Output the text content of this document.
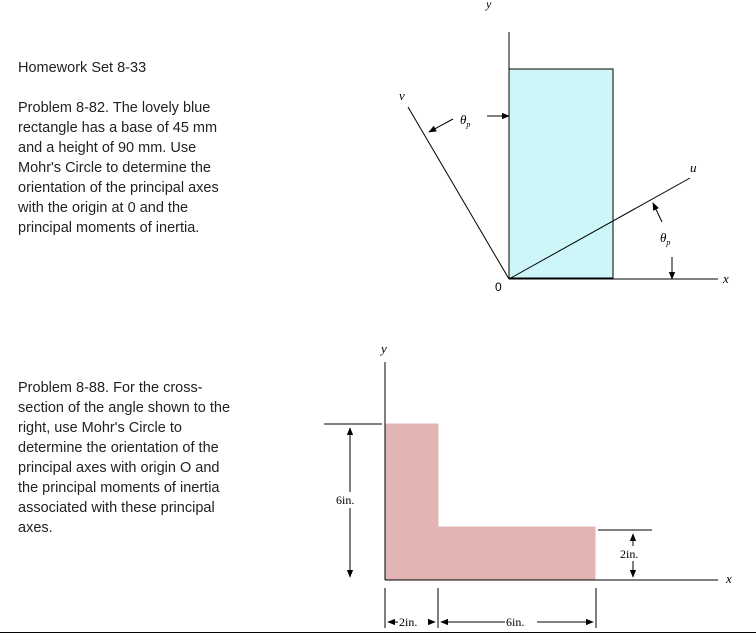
Homework Set 8-33
Problem 8-82. The lovely blue
rectangle has a base of 45 mm
and a height of 90 mm. Use
Mohr's Circle to determine the
orientation of the principal axes
with the origin at 0 and the
principal moments of inertia.
Problem 8-88. For the cross-
section of the angle shown to the
right, use Mohr's Circle to
determine the orientation of the
principal axes with origin O and
the principal moments of inertia
associated with these principal
axes.
y
x
u
v
0
$\theta_p$
$\theta_p$
y
x
6in.
2in.
2in.	6in.
